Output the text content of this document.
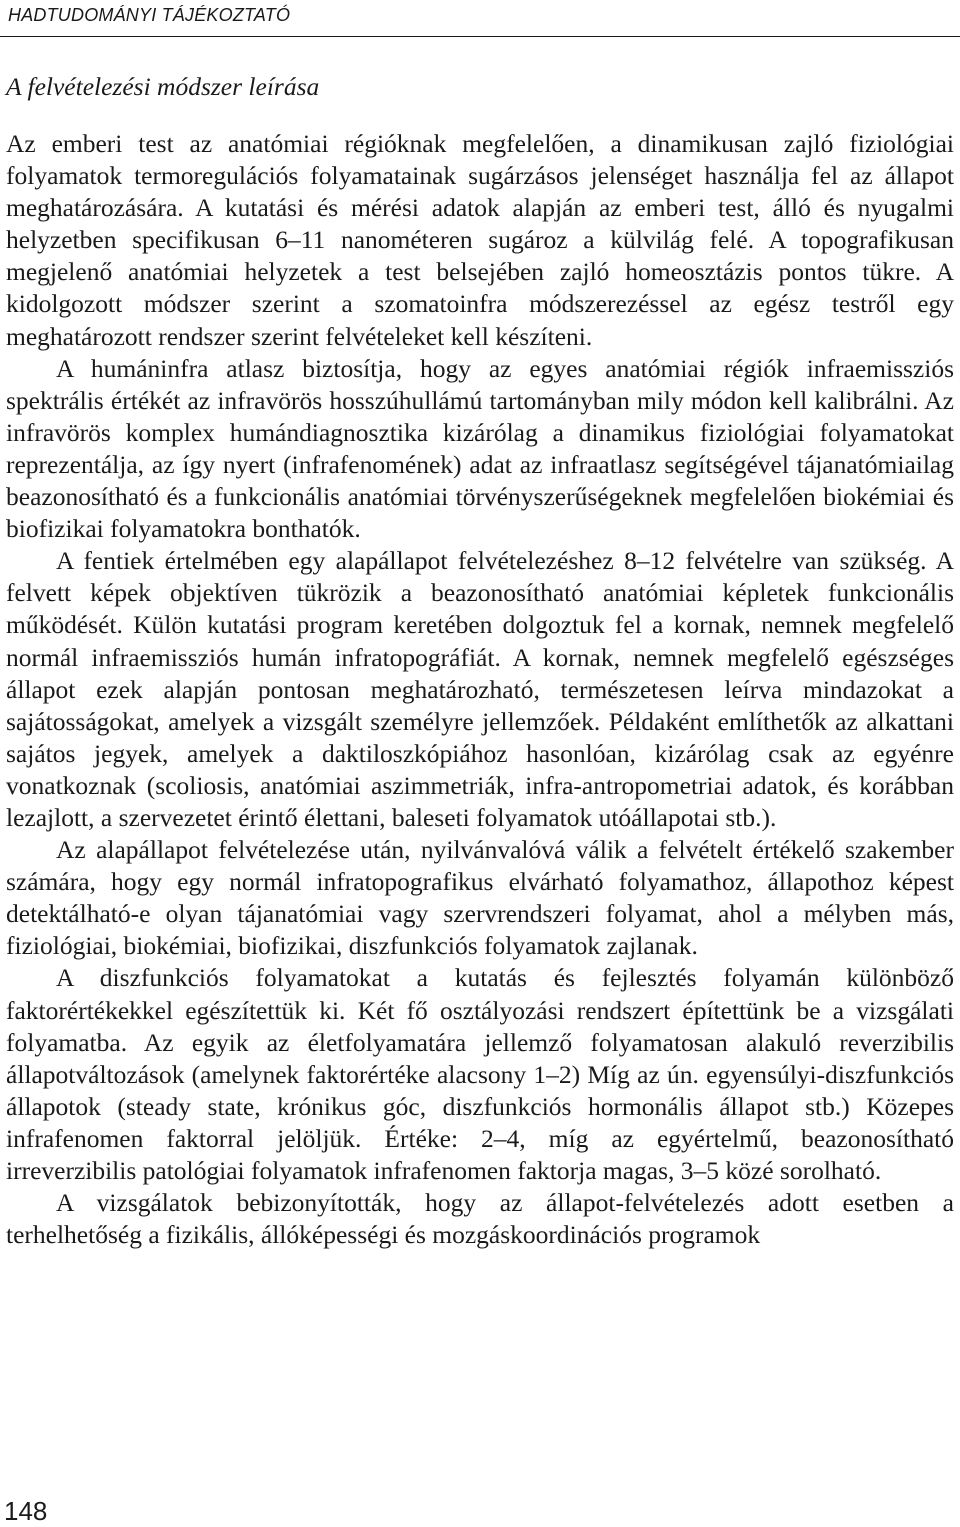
HADTUDOMÁNYI TÁJÉKOZTATÓ
A felvételezési módszer leírása

Az emberi test az anatómiai régióknak megfelelően, a dinamikusan zajló fiziológiai folyamatok termoregulációs folyamatainak sugárzásos jelenséget használja fel az állapot meghatározására. A kutatási és mérési adatok alapján az emberi test, álló és nyugalmi helyzetben specifikusan 6–11 nanométeren sugároz a külvilág felé. A topografikusan megjelenő anatómiai helyzetek a test belsejében zajló homeosztázis pontos tükre. A kidolgozott módszer szerint a szomatoinfra módszerezéssel az egész testről egy meghatározott rendszer szerint felvételeket kell készíteni.

A humáninfra atlasz biztosítja, hogy az egyes anatómiai régiók infraemissziós spektrális értékét az infravörös hosszúhullámú tartományban mily módon kell kalibrálni. Az infravörös komplex humándiagnosztika kizárólag a dinamikus fiziológiai folyamatokat reprezentálja, az így nyert (infrafenomének) adat az infraatlasz segítségével tájanatómiailag beazonosítható és a funkcionális anatómiai törvényszerűségeknek megfelelően biokémiai és biofizikai folyamatokra bonthatók.

A fentiek értelmében egy alapállapot felvételezéshez 8–12 felvételre van szükség. A felvett képek objektíven tükrözik a beazonosítható anatómiai képletek funkcionális működését. Külön kutatási program keretében dolgoztuk fel a kornak, nemnek megfelelő normál infraemissziós humán infratopográfiát. A kornak, nemnek megfelelő egészséges állapot ezek alapján pontosan meghatározható, természetesen leírva mindazokat a sajátosságokat, amelyek a vizsgált személyre jellemzőek. Példaként említhetők az alkattani sajátos jegyek, amelyek a daktiloszkópiához hasonlóan, kizárólag csak az egyénre vonatkoznak (scoliosis, anatómiai aszimmetriák, infra-antropometriai adatok, és korábban lezajlott, a szervezetet érintő élettani, baleseti folyamatok utóállapotai stb.).

Az alapállapot felvételezése után, nyilvánvalóvá válik a felvételt értékelő szakember számára, hogy egy normál infratopografikus elvárható folyamathoz, állapothoz képest detektálható-e olyan tájanatómiai vagy szervrendszeri folyamat, ahol a mélyben más, fiziológiai, biokémiai, biofizikai, diszfunkciós folyamatok zajlanak.

A diszfunkciós folyamatokat a kutatás és fejlesztés folyamán különböző faktorértékekkel egészítettük ki. Két fő osztályozási rendszert építettünk be a vizsgálati folyamatba. Az egyik az életfolyamatára jellemző folyamatosan alakuló reverzibilis állapotváltozások (amelynek faktorértéke alacsony 1–2) Míg az ún. egyensúlyi-diszfunkciós állapotok (steady state, krónikus góc, diszfunkciós hormonális állapot stb.) Közepes infrafenomen faktorral jelöljük. Értéke: 2–4, míg az egyértelmű, beazonosítható irreverzibilis patológiai folyamatok infrafenomen faktorja magas, 3–5 közé sorolható.

A vizsgálatok bebizonyították, hogy az állapot-felvételezés adott esetben a terhelhetőség a fizikális, állóképességi és mozgáskoordinációs programok

148
